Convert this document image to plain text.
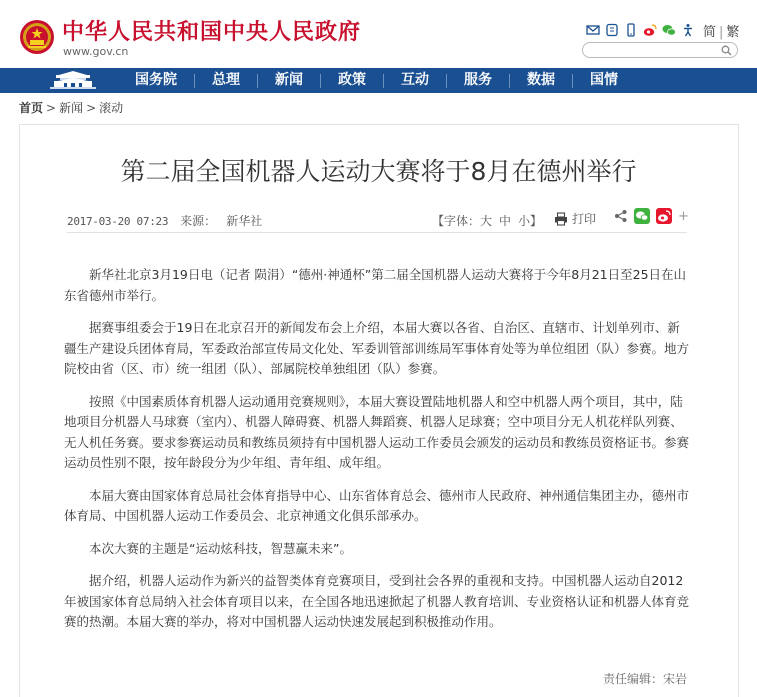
中华人民共和国中央人民政府
www.gov.cn
简 | 繁
国务院	总理	新闻	政策	互动	服务	数据	国情
首页 > 新闻 > 滚动
第二届全国机器人运动大赛将于8月在德州举行
2017-03-20 07:23 来源： 新华社	【字体：大 中 小】 打印	+

新华社北京3月19日电（记者 陨涓）“德州·神通杯”第二届全国机器人运动大赛将于今年8月21日至25日在山东省德州市举行。

据赛事组委会于19日在北京召开的新闻发布会上介绍，本届大赛以各省、自治区、直辖市、计划单列市、新疆生产建设兵团体育局，军委政治部宣传局文化处、军委训管部训练局军事体育处等为单位组团（队）参赛。地方院校由省（区、市）统一组团（队）、部属院校单独组团（队）参赛。

按照《中国素质体育机器人运动通用竞赛规则》，本届大赛设置陆地机器人和空中机器人两个项目，其中，陆地项目分机器人马球赛（室内）、机器人障碍赛、机器人舞蹈赛、机器人足球赛；空中项目分无人机花样队列赛、无人机任务赛。要求参赛运动员和教练员须持有中国机器人运动工作委员会颁发的运动员和教练员资格证书。参赛运动员性别不限，按年龄段分为少年组、青年组、成年组。

本届大赛由国家体育总局社会体育指导中心、山东省体育总会、德州市人民政府、神州通信集团主办，德州市体育局、中国机器人运动工作委员会、北京神通文化俱乐部承办。

本次大赛的主题是“运动炫科技，智慧赢未来”。

据介绍，机器人运动作为新兴的益智类体育竞赛项目，受到社会各界的重视和支持。中国机器人运动自2012年被国家体育总局纳入社会体育项目以来，在全国各地迅速掀起了机器人教育培训、专业资格认证和机器人体育竞赛的热潮。本届大赛的举办，将对中国机器人运动快速发展起到积极推动作用。

责任编辑：宋岩
